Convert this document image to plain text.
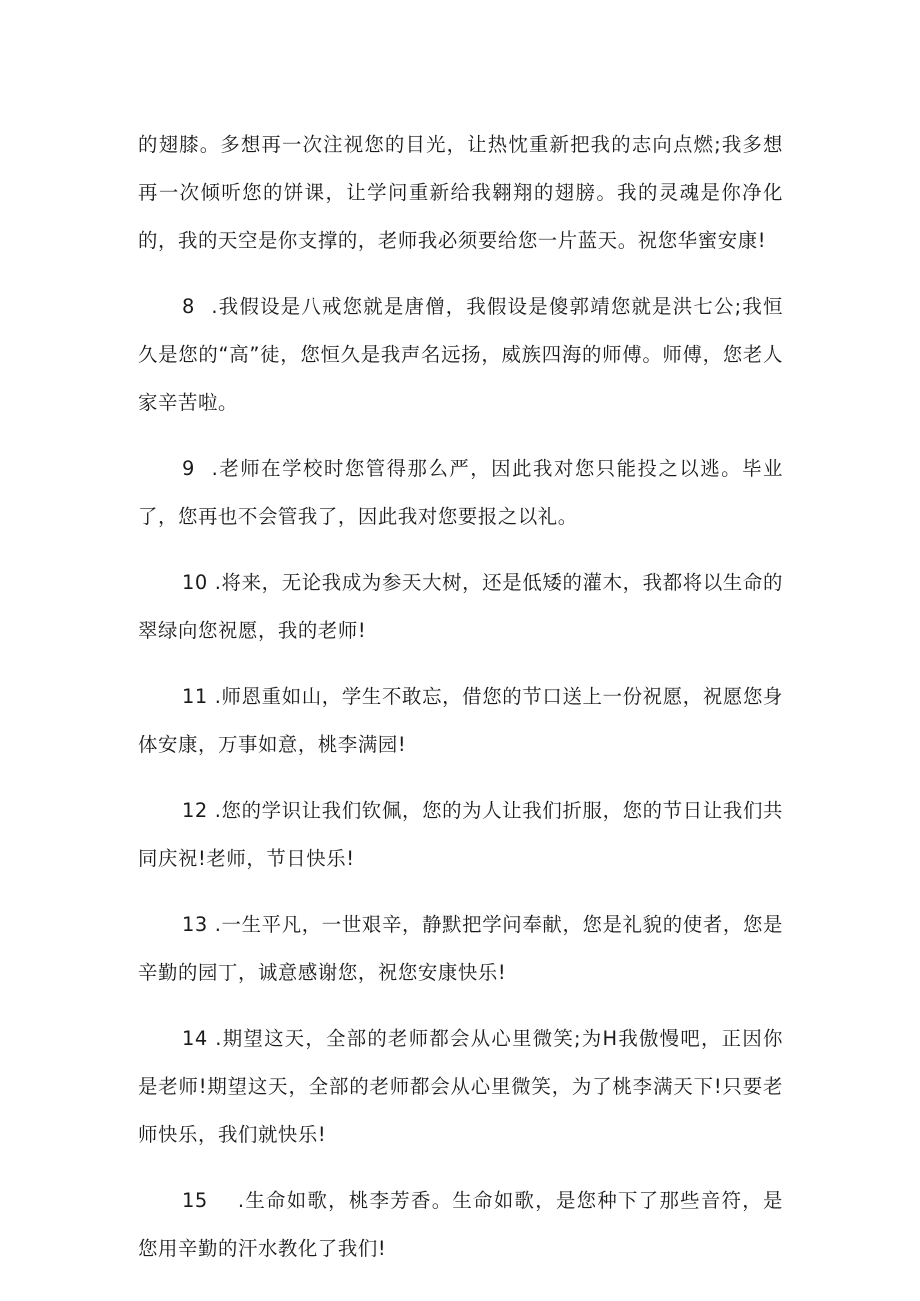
的翅膝。多想再一次注视您的目光，让热忱重新把我的志向点燃;我多想再一次倾听您的饼课，让学问重新给我翱翔的翅膀。我的灵魂是你净化的，我的天空是你支撑的，老师我必须要给您一片蓝天。祝您华蜜安康!

8 .我假设是八戒您就是唐僧，我假设是傻郭靖您就是洪七公;我恒久是您的“高”徒，您恒久是我声名远扬，威族四海的师傅。师傅，您老人家辛苦啦。

9 .老师在学校时您管得那么严，因此我对您只能投之以逃。毕业了，您再也不会管我了，因此我对您要报之以礼。

10 .将来，无论我成为参天大树，还是低矮的灌木，我都将以生命的翠绿向您祝愿，我的老师!

11 .师恩重如山，学生不敢忘，借您的节口送上一份祝愿，祝愿您身体安康，万事如意，桃李满园!

12 .您的学识让我们钦佩，您的为人让我们折服，您的节日让我们共同庆祝!老师，节日快乐!

13 .一生平凡，一世艰辛，静默把学问奉献，您是礼貌的使者，您是辛勤的园丁，诚意感谢您，祝您安康快乐!

14 .期望这天，全部的老师都会从心里微笑;为H我傲慢吧，正因你是老师!期望这天，全部的老师都会从心里微笑，为了桃李满天下!只要老师快乐，我们就快乐!

15 .生命如歌，桃李芳香。生命如歌，是您种下了那些音符，是您用辛勤的汗水教化了我们!
